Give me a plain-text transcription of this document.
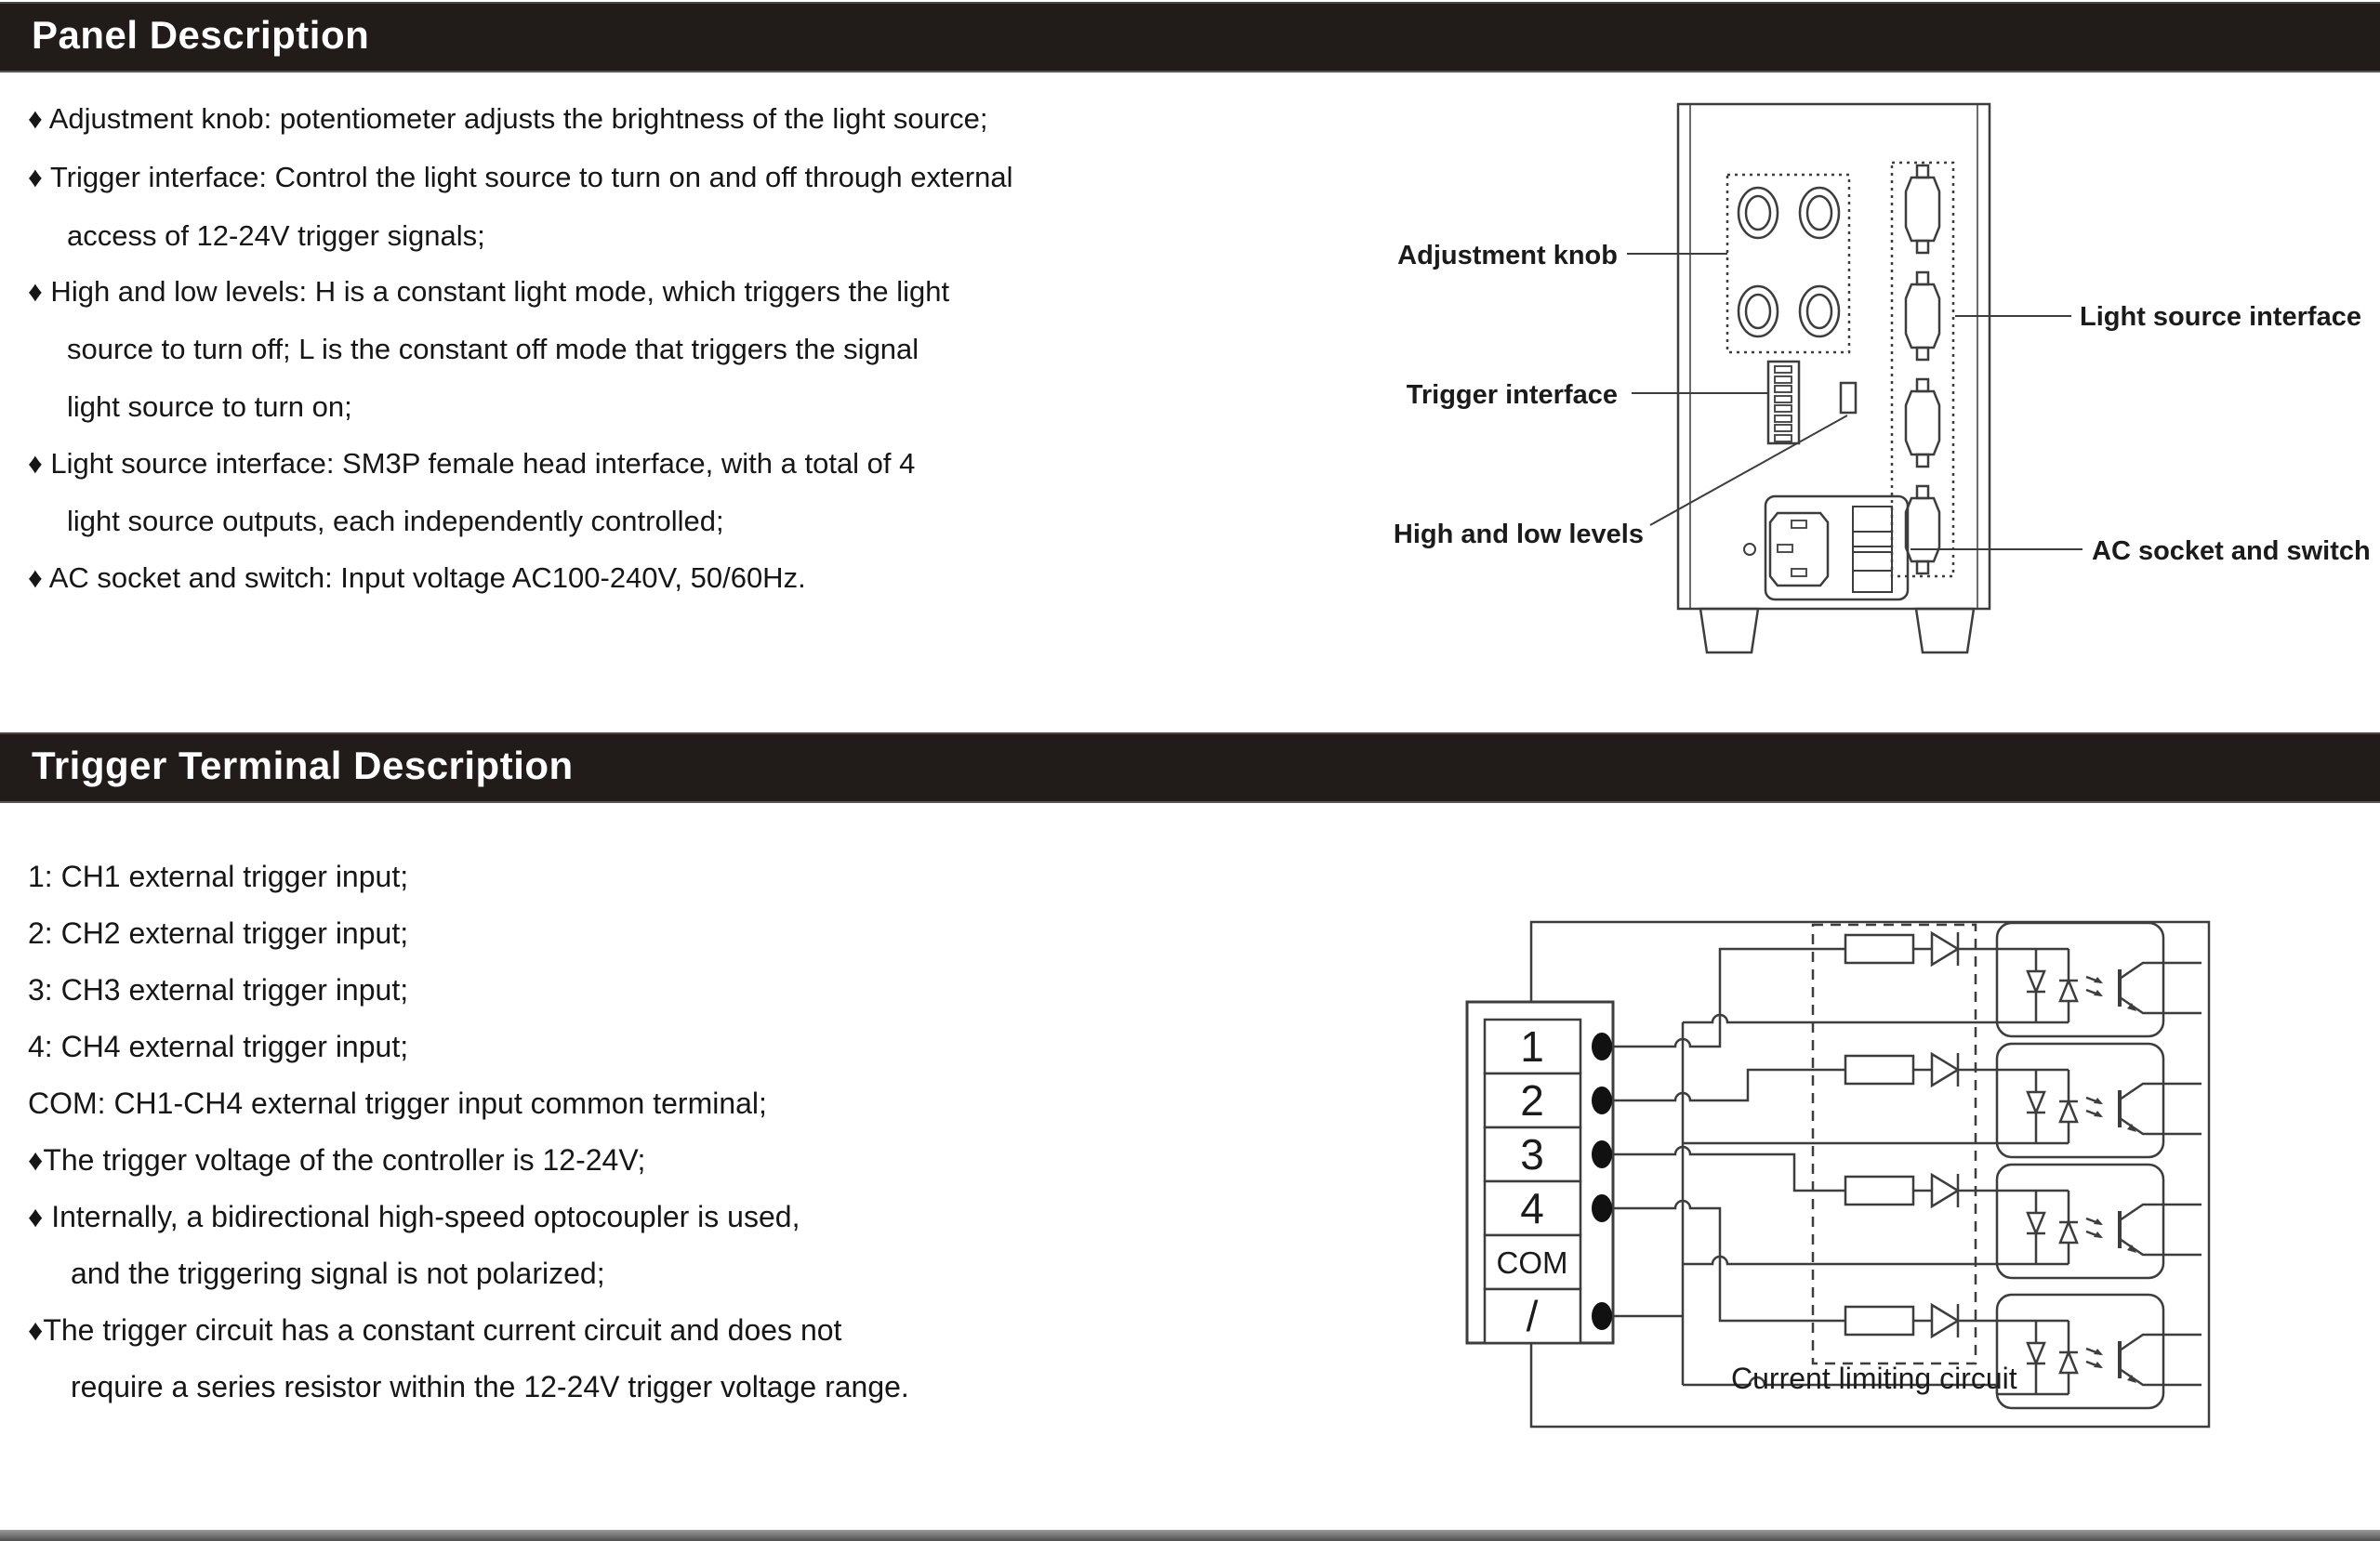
Panel Description
♦ Adjustment knob: potentiometer adjusts the brightness of the light source;
♦ Trigger interface: Control the light source to turn on and off through external
access of 12-24V trigger signals;
♦ High and low levels: H is a constant light mode, which triggers the light
source to turn off; L is the constant off mode that triggers the signal
light source to turn on;
♦ Light source interface: SM3P female head interface, with a total of 4
light source outputs, each independently controlled;
♦ AC socket and switch: Input voltage AC100-240V, 50/60Hz.
Adjustment knob
Trigger interface
High and low levels
Light source interface
AC socket and switch
Trigger Terminal Description
1: CH1 external trigger input;
2: CH2 external trigger input;
3: CH3 external trigger input;
4: CH4 external trigger input;
COM: CH1-CH4 external trigger input common terminal;
♦The trigger voltage of the controller is 12-24V;
♦ Internally, a bidirectional high-speed optocoupler is used,
and the triggering signal is not polarized;
♦The trigger circuit has a constant current circuit and does not
require a series resistor within the 12-24V trigger voltage range.
1
2
3
4
COM
/
Current limiting circuit
